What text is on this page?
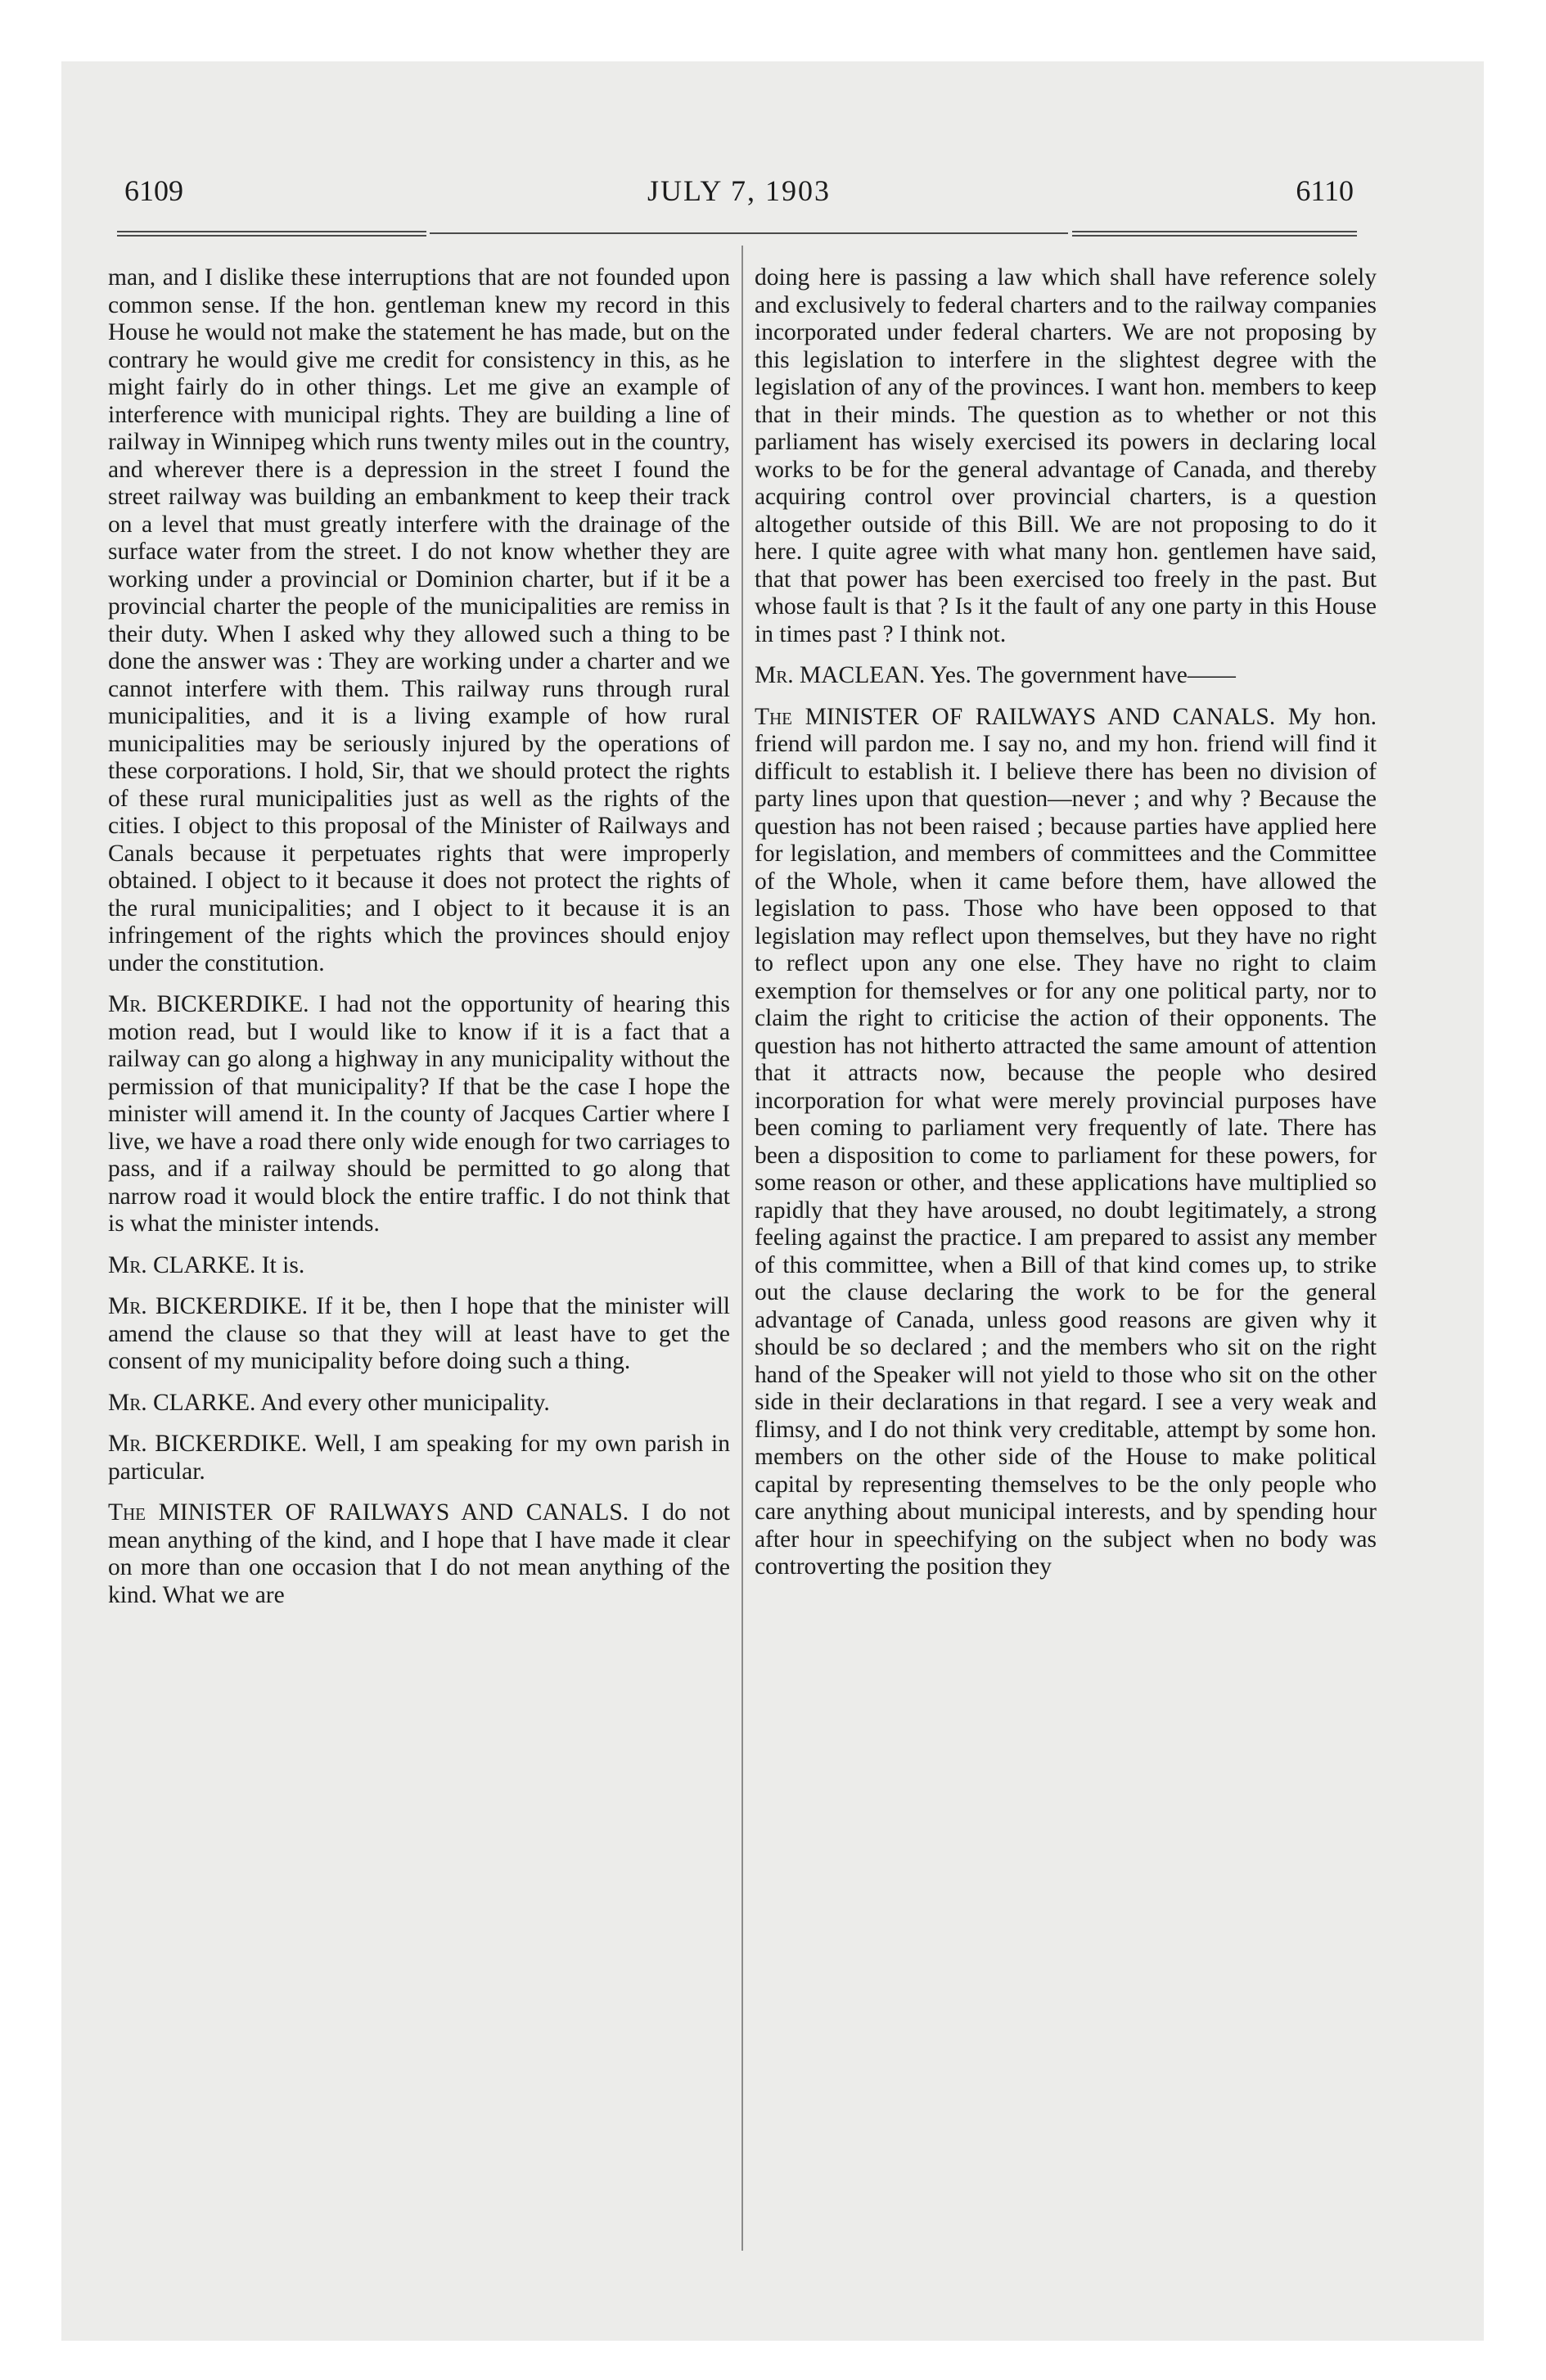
6109	JULY 7, 1903	6110

man, and I dislike these interruptions that are not founded upon common sense. If the hon. gentleman knew my record in this House he would not make the statement he has made, but on the contrary he would give me credit for consistency in this, as he might fairly do in other things. Let me give an example of interference with municipal rights. They are building a line of railway in Winnipeg which runs twenty miles out in the country, and wherever there is a depression in the street I found the street railway was building an embankment to keep their track on a level that must greatly interfere with the drainage of the surface water from the street. I do not know whether they are working under a provincial or Dominion charter, but if it be a provincial charter the people of the municipalities are remiss in their duty. When I asked why they allowed such a thing to be done the answer was : They are working under a charter and we cannot interfere with them. This railway runs through rural municipalities, and it is a living example of how rural municipalities may be seriously injured by the operations of these corporations. I hold, Sir, that we should protect the rights of these rural municipalities just as well as the rights of the cities. I object to this proposal of the Minister of Railways and Canals because it perpetuates rights that were improperly obtained. I object to it because it does not protect the rights of the rural municipalities; and I object to it because it is an infringement of the rights which the provinces should enjoy under the constitution.

Mr. BICKERDIKE. I had not the opportunity of hearing this motion read, but I would like to know if it is a fact that a railway can go along a highway in any municipality without the permission of that municipality? If that be the case I hope the minister will amend it. In the county of Jacques Cartier where I live, we have a road there only wide enough for two carriages to pass, and if a railway should be permitted to go along that narrow road it would block the entire traffic. I do not think that is what the minister intends.

Mr. CLARKE. It is.

Mr. BICKERDIKE. If it be, then I hope that the minister will amend the clause so that they will at least have to get the consent of my municipality before doing such a thing.

Mr. CLARKE. And every other municipality.

Mr. BICKERDIKE. Well, I am speaking for my own parish in particular.

The MINISTER OF RAILWAYS AND CANALS. I do not mean anything of the kind, and I hope that I have made it clear on more than one occasion that I do not mean anything of the kind. What we are

doing here is passing a law which shall have reference solely and exclusively to federal charters and to the railway companies incorporated under federal charters. We are not proposing by this legislation to interfere in the slightest degree with the legislation of any of the provinces. I want hon. members to keep that in their minds. The question as to whether or not this parliament has wisely exercised its powers in declaring local works to be for the general advantage of Canada, and thereby acquiring control over provincial charters, is a question altogether outside of this Bill. We are not proposing to do it here. I quite agree with what many hon. gentlemen have said, that that power has been exercised too freely in the past. But whose fault is that ? Is it the fault of any one party in this House in times past ? I think not.

Mr. MACLEAN. Yes. The government have——

The MINISTER OF RAILWAYS AND CANALS. My hon. friend will pardon me. I say no, and my hon. friend will find it difficult to establish it. I believe there has been no division of party lines upon that question—never ; and why ? Because the question has not been raised ; because parties have applied here for legislation, and members of committees and the Committee of the Whole, when it came before them, have allowed the legislation to pass. Those who have been opposed to that legislation may reflect upon themselves, but they have no right to reflect upon any one else. They have no right to claim exemption for themselves or for any one political party, nor to claim the right to criticise the action of their opponents. The question has not hitherto attracted the same amount of attention that it attracts now, because the people who desired incorporation for what were merely provincial purposes have been coming to parliament very frequently of late. There has been a disposition to come to parliament for these powers, for some reason or other, and these applications have multiplied so rapidly that they have aroused, no doubt legitimately, a strong feeling against the practice. I am prepared to assist any member of this committee, when a Bill of that kind comes up, to strike out the clause declaring the work to be for the general advantage of Canada, unless good reasons are given why it should be so declared ; and the members who sit on the right hand of the Speaker will not yield to those who sit on the other side in their declarations in that regard. I see a very weak and flimsy, and I do not think very creditable, attempt by some hon. members on the other side of the House to make political capital by representing themselves to be the only people who care anything about municipal interests, and by spending hour after hour in speechifying on the subject when no body was controverting the position they
